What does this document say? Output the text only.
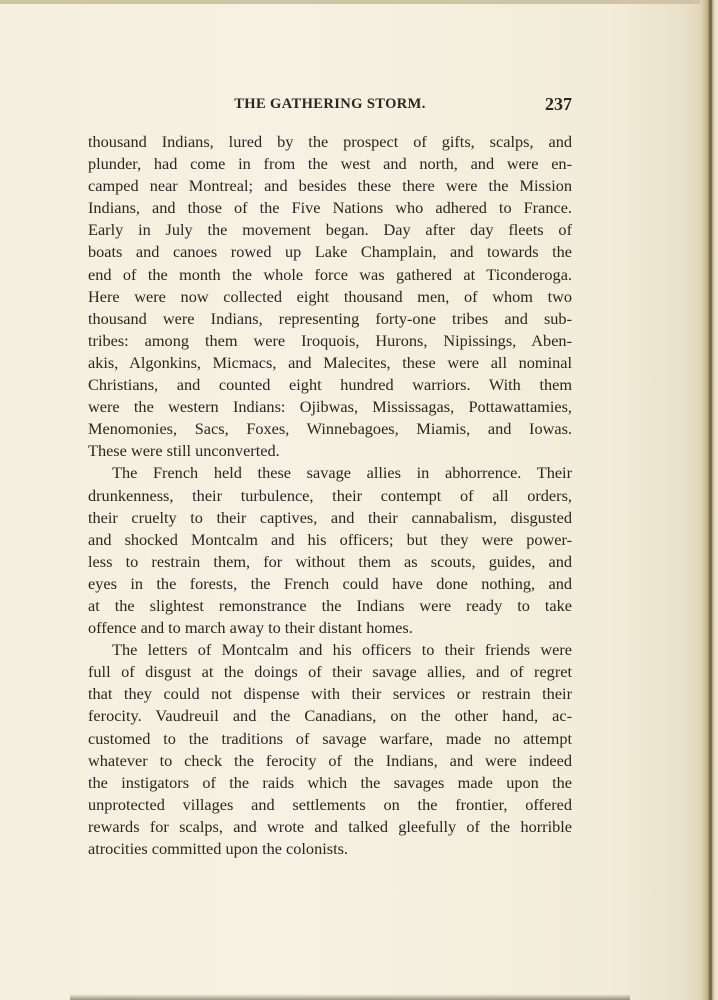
THE GATHERING STORM.	237
thousand Indians, lured by the prospect of gifts, scalps, and
plunder, had come in from the west and north, and were en-
camped near Montreal; and besides these there were the Mission
Indians, and those of the Five Nations who adhered to France.
Early in July the movement began. Day after day fleets of
boats and canoes rowed up Lake Champlain, and towards the
end of the month the whole force was gathered at Ticonderoga.
Here were now collected eight thousand men, of whom two
thousand were Indians, representing forty-one tribes and sub-
tribes: among them were Iroquois, Hurons, Nipissings, Aben-
akis, Algonkins, Micmacs, and Malecites, these were all nominal
Christians, and counted eight hundred warriors. With them
were the western Indians: Ojibwas, Mississagas, Pottawattamies,
Menomonies, Sacs, Foxes, Winnebagoes, Miamis, and Iowas.
These were still unconverted.
The French held these savage allies in abhorrence. Their
drunkenness, their turbulence, their contempt of all orders,
their cruelty to their captives, and their cannabalism, disgusted
and shocked Montcalm and his officers; but they were power-
less to restrain them, for without them as scouts, guides, and
eyes in the forests, the French could have done nothing, and
at the slightest remonstrance the Indians were ready to take
offence and to march away to their distant homes.
The letters of Montcalm and his officers to their friends were
full of disgust at the doings of their savage allies, and of regret
that they could not dispense with their services or restrain their
ferocity. Vaudreuil and the Canadians, on the other hand, ac-
customed to the traditions of savage warfare, made no attempt
whatever to check the ferocity of the Indians, and were indeed
the instigators of the raids which the savages made upon the
unprotected villages and settlements on the frontier, offered
rewards for scalps, and wrote and talked gleefully of the horrible
atrocities committed upon the colonists.
